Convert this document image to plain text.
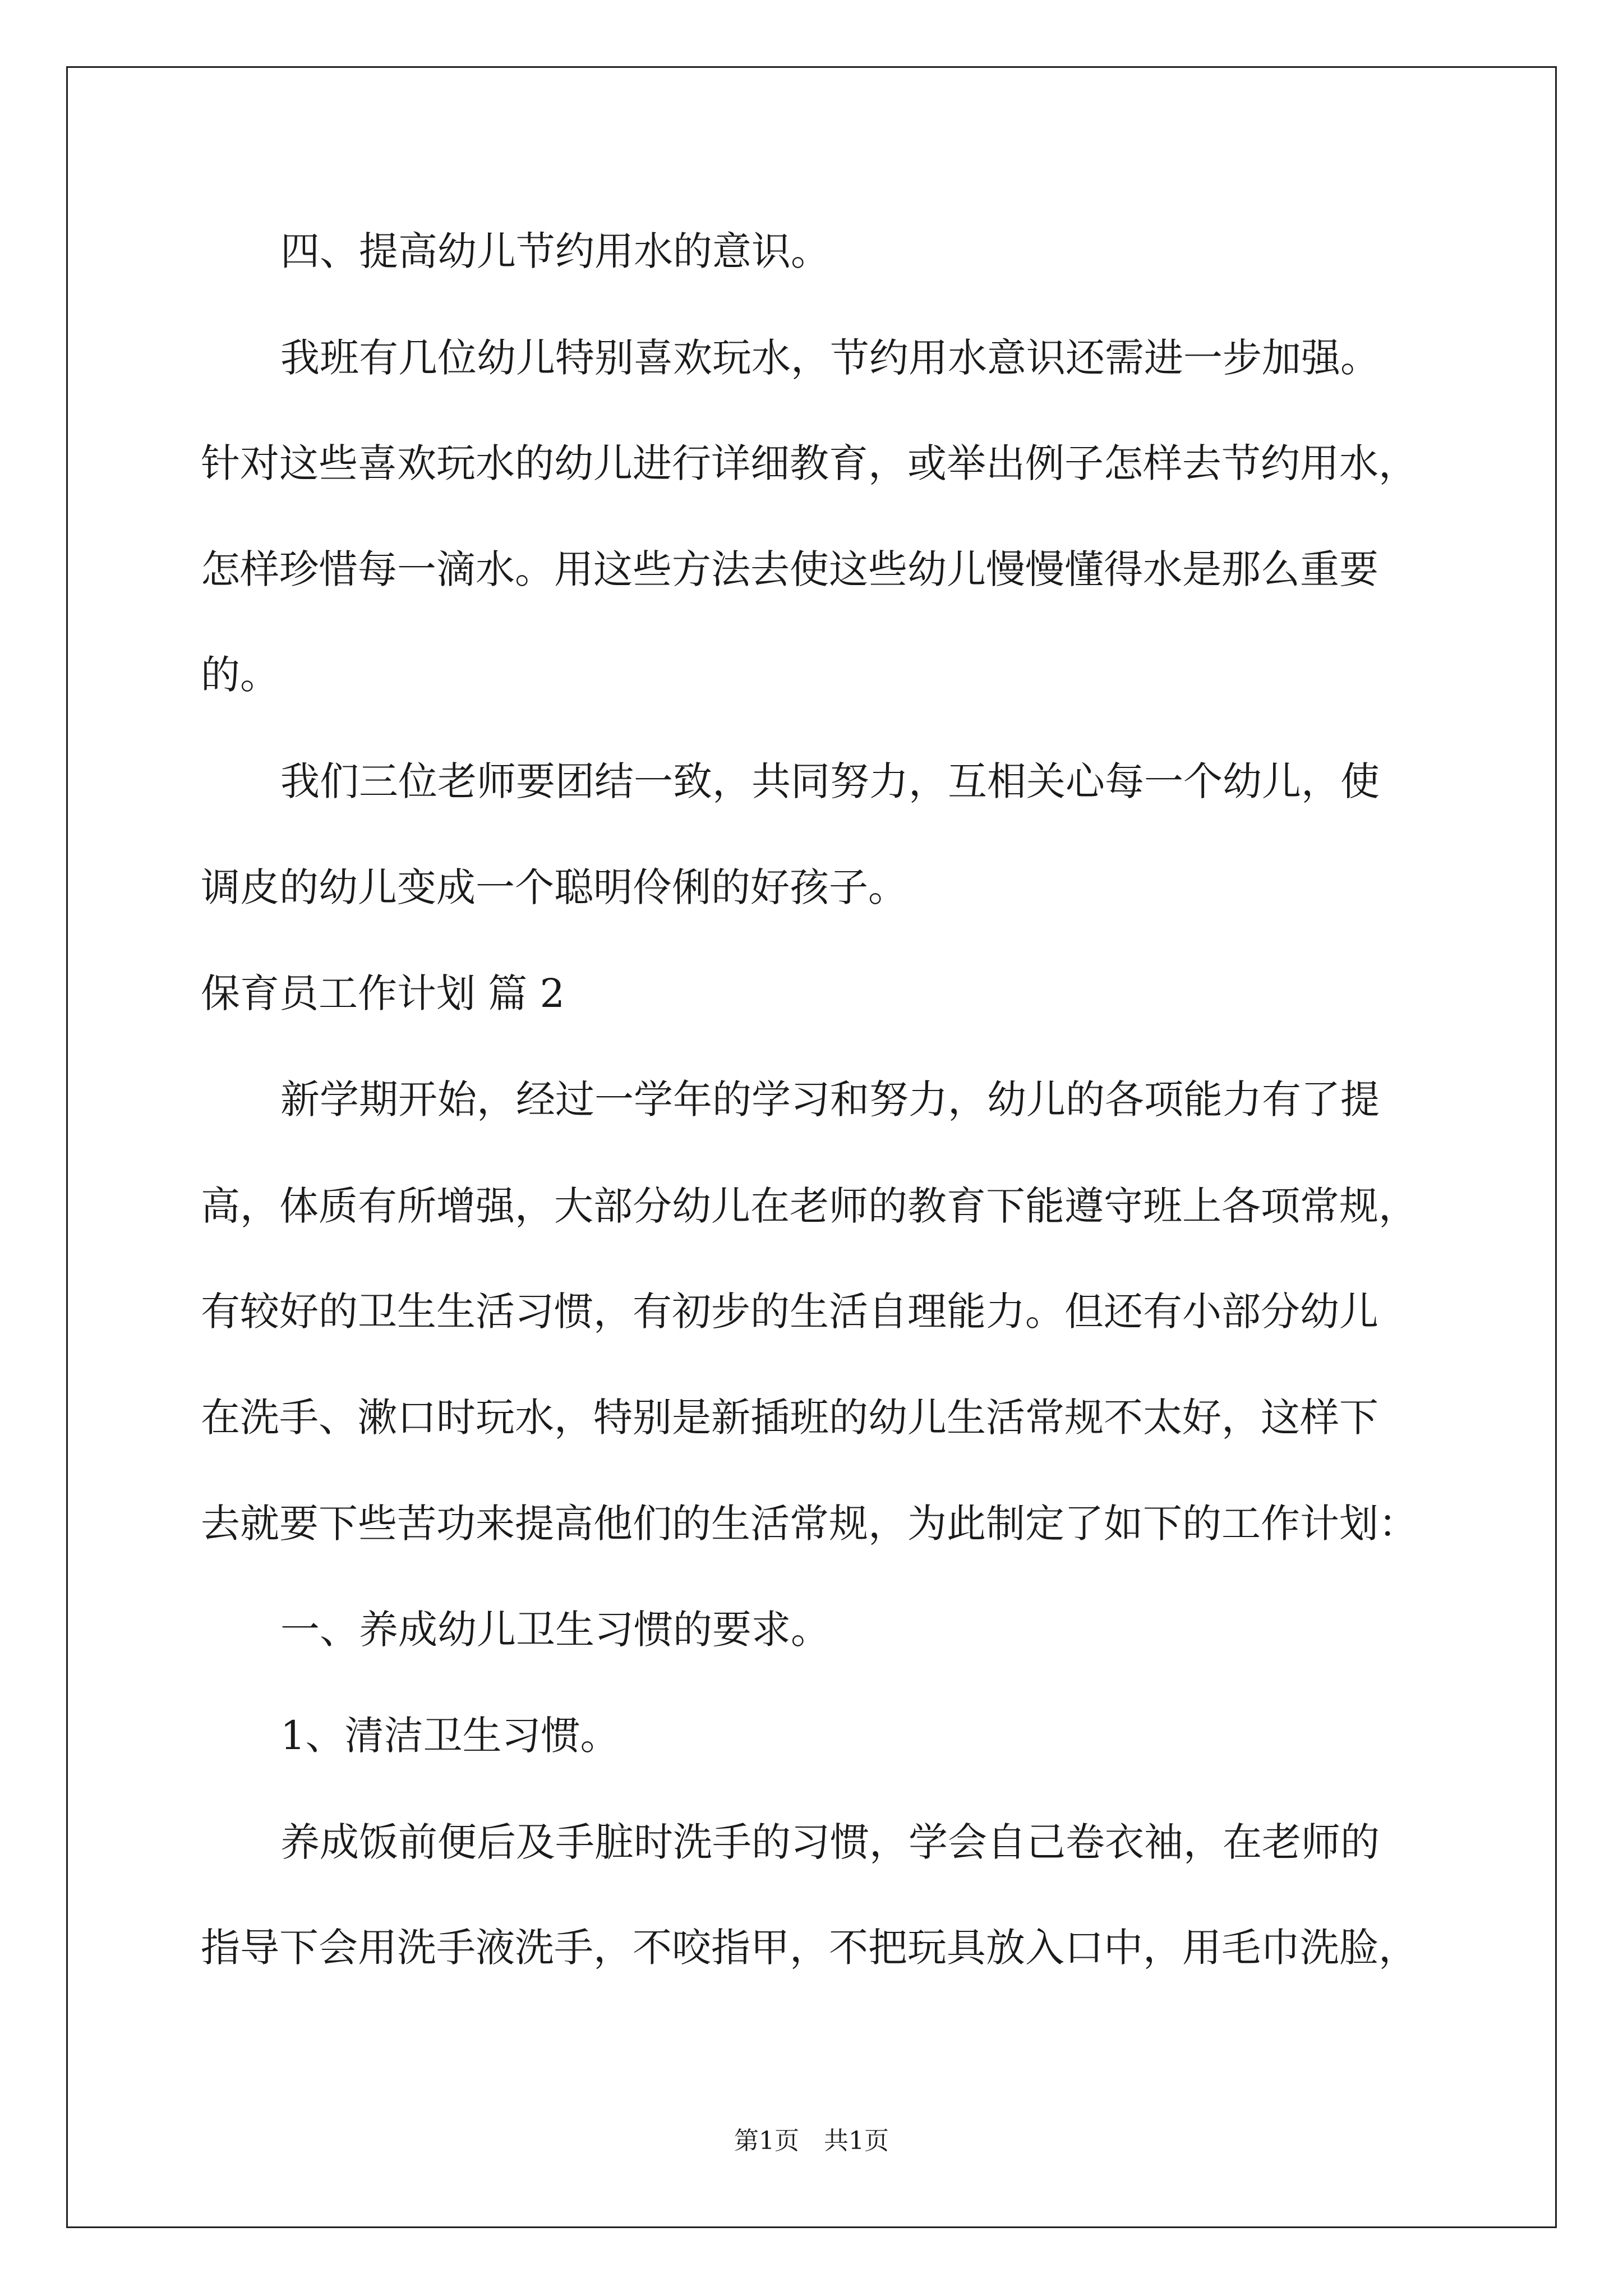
四、提高幼儿节约用水的意识。

我班有几位幼儿特别喜欢玩水，节约用水意识还需进一步加强。

针对这些喜欢玩水的幼儿进行详细教育，或举出例子怎样去节约用水，

怎样珍惜每一滴水。用这些方法去使这些幼儿慢慢懂得水是那么重要

的。

我们三位老师要团结一致，共同努力，互相关心每一个幼儿，使

调皮的幼儿变成一个聪明伶俐的好孩子。

保育员工作计划 篇 2

新学期开始，经过一学年的学习和努力，幼儿的各项能力有了提

高，体质有所增强，大部分幼儿在老师的教育下能遵守班上各项常规，

有较好的卫生生活习惯，有初步的生活自理能力。但还有小部分幼儿

在洗手、漱口时玩水，特别是新插班的幼儿生活常规不太好，这样下

去就要下些苦功来提高他们的生活常规，为此制定了如下的工作计划：

一、养成幼儿卫生习惯的要求。

1、清洁卫生习惯。

养成饭前便后及手脏时洗手的习惯，学会自己卷衣袖，在老师的

指导下会用洗手液洗手，不咬指甲，不把玩具放入口中，用毛巾洗脸，

第1页　共1页
